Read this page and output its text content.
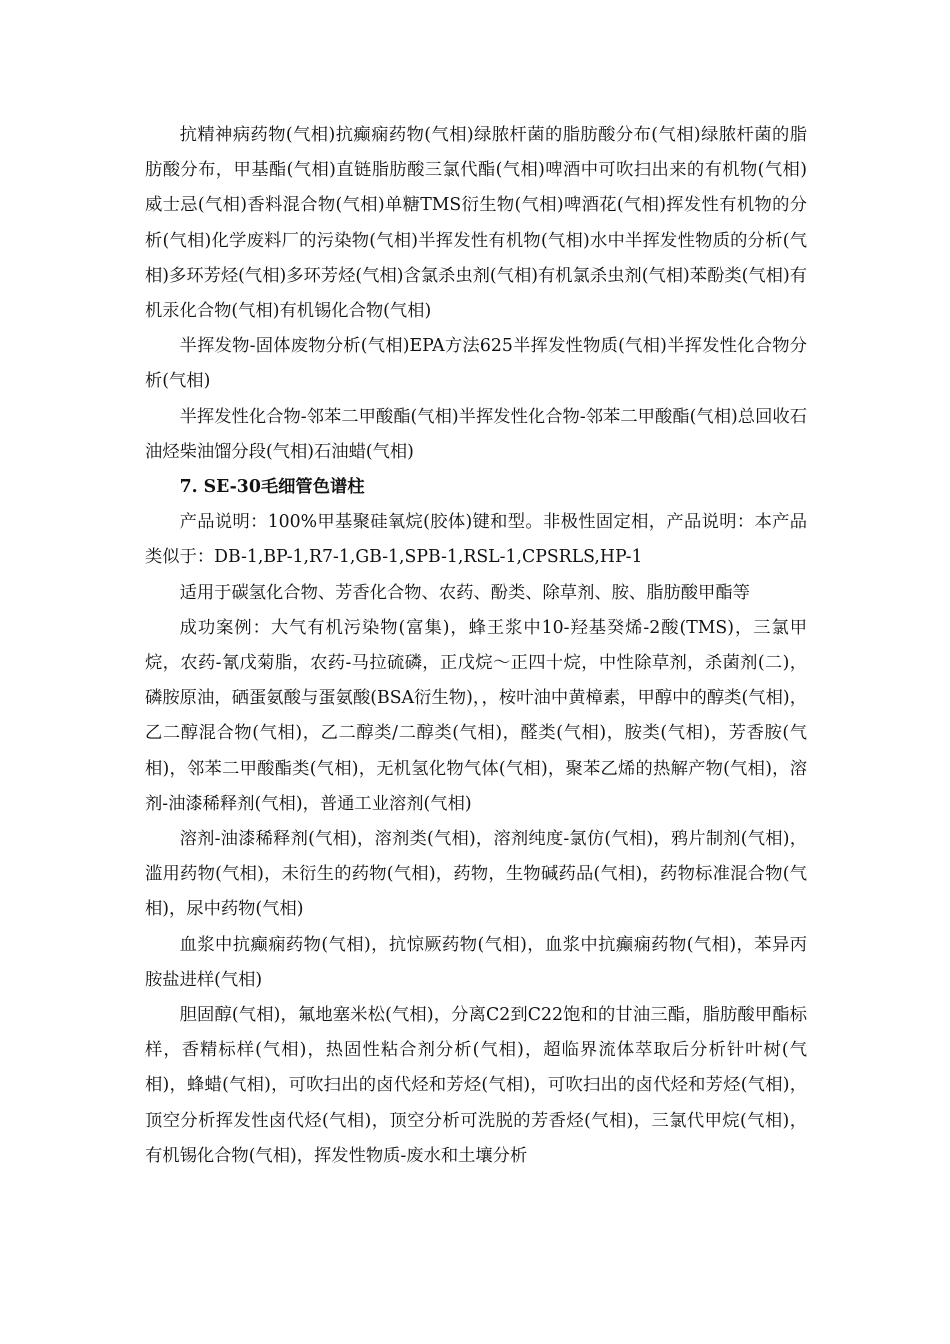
抗精神病药物(气相)抗癫痫药物(气相)绿脓杆菌的脂肪酸分布(气相)绿脓杆菌的脂肪酸分布，甲基酯(气相)直链脂肪酸三氯代酯(气相)啤酒中可吹扫出来的有机物(气相)威士忌(气相)香料混合物(气相)单糖TMS衍生物(气相)啤酒花(气相)挥发性有机物的分析(气相)化学废料厂的污染物(气相)半挥发性有机物(气相)水中半挥发性物质的分析(气相)多环芳烃(气相)多环芳烃(气相)含氯杀虫剂(气相)有机氯杀虫剂(气相)苯酚类(气相)有机汞化合物(气相)有机锡化合物(气相)

半挥发物-固体废物分析(气相)EPA方法625半挥发性物质(气相)半挥发性化合物分析(气相)

半挥发性化合物-邻苯二甲酸酯(气相)半挥发性化合物-邻苯二甲酸酯(气相)总回收石油烃柴油馏分段(气相)石油蜡(气相)

7. SE-30毛细管色谱柱

产品说明：100%甲基聚硅氧烷(胶体)键和型。非极性固定相，产品说明：本产品类似于：DB-1,BP-1,R7-1,GB-1,SPB-1,RSL-1,CPSRLS,HP-1

适用于碳氢化合物、芳香化合物、农药、酚类、除草剂、胺、脂肪酸甲酯等

成功案例：大气有机污染物(富集)，蜂王浆中10-羟基癸烯-2酸(TMS)，三氯甲烷，农药-氰戊菊脂，农药-马拉硫磷，正戊烷～正四十烷，中性除草剂，杀菌剂(二)，磷胺原油，硒蛋氨酸与蛋氨酸(BSA衍生物)，，桉叶油中黄樟素，甲醇中的醇类(气相)，乙二醇混合物(气相)，乙二醇类/二醇类(气相)，醛类(气相)，胺类(气相)，芳香胺(气相)，邻苯二甲酸酯类(气相)，无机氢化物气体(气相)，聚苯乙烯的热解产物(气相)，溶剂-油漆稀释剂(气相)，普通工业溶剂(气相)

溶剂-油漆稀释剂(气相)，溶剂类(气相)，溶剂纯度-氯仿(气相)，鸦片制剂(气相)，滥用药物(气相)，未衍生的药物(气相)，药物，生物碱药品(气相)，药物标准混合物(气相)，尿中药物(气相)

血浆中抗癫痫药物(气相)，抗惊厥药物(气相)，血浆中抗癫痫药物(气相)，苯异丙胺盐进样(气相)

胆固醇(气相)，氟地塞米松(气相)，分离C2到C22饱和的甘油三酯，脂肪酸甲酯标样，香精标样(气相)，热固性粘合剂分析(气相)，超临界流体萃取后分析针叶树(气相)，蜂蜡(气相)，可吹扫出的卤代烃和芳烃(气相)，可吹扫出的卤代烃和芳烃(气相)，顶空分析挥发性卤代烃(气相)，顶空分析可洗脱的芳香烃(气相)，三氯代甲烷(气相)，有机锡化合物(气相)，挥发性物质-废水和土壤分析
